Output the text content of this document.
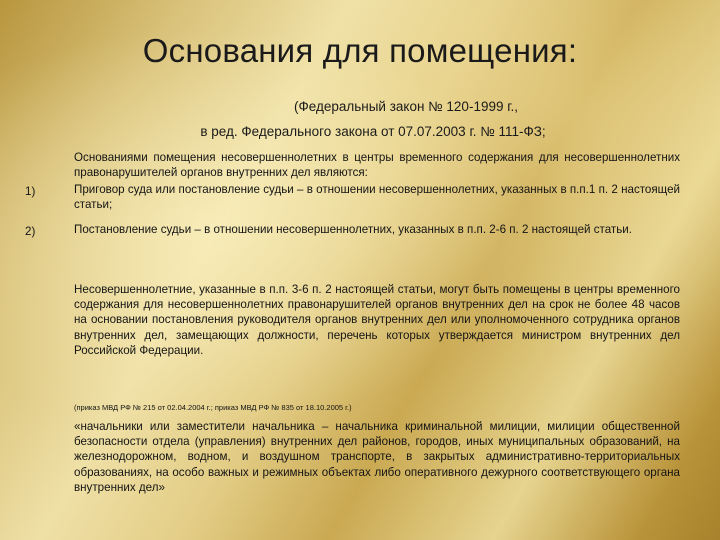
Основания для помещения:
(Федеральный закон № 120-1999 г.,
в ред. Федерального закона от 07.07.2003 г. № 111-ФЗ;
Основаниями помещения несовершеннолетних в центры временного содержания для несовершеннолетних правонарушителей органов внутренних дел являются:
1)	Приговор суда или постановление судьи – в отношении несовершеннолетних, указанных в п.п.1 п. 2 настоящей статьи;
2)	Постановление судьи – в отношении несовершеннолетних, указанных в п.п. 2-6 п. 2 настоящей статьи.
Несовершеннолетние, указанные в п.п. 3-6 п. 2 настоящей статьи, могут быть помещены в центры временного содержания для несовершеннолетних правонарушителей органов внутренних дел на срок не более 48 часов на основании постановления руководителя органов внутренних дел или уполномоченного сотрудника органов внутренних дел, замещающих должности, перечень которых утверждается министром внутренних дел Российской Федерации.
(приказ МВД РФ № 215 от 02.04.2004 г.; приказ МВД РФ № 835 от 18.10.2005 г.)
«начальники или заместители начальника – начальника криминальной милиции, милиции общественной безопасности отдела (управления) внутренних дел районов, городов, иных муниципальных образований, на железнодорожном, водном, и воздушном транспорте, в закрытых административно-территориальных образованиях, на особо важных и режимных объектах либо оперативного дежурного соответствующего органа внутренних дел»
